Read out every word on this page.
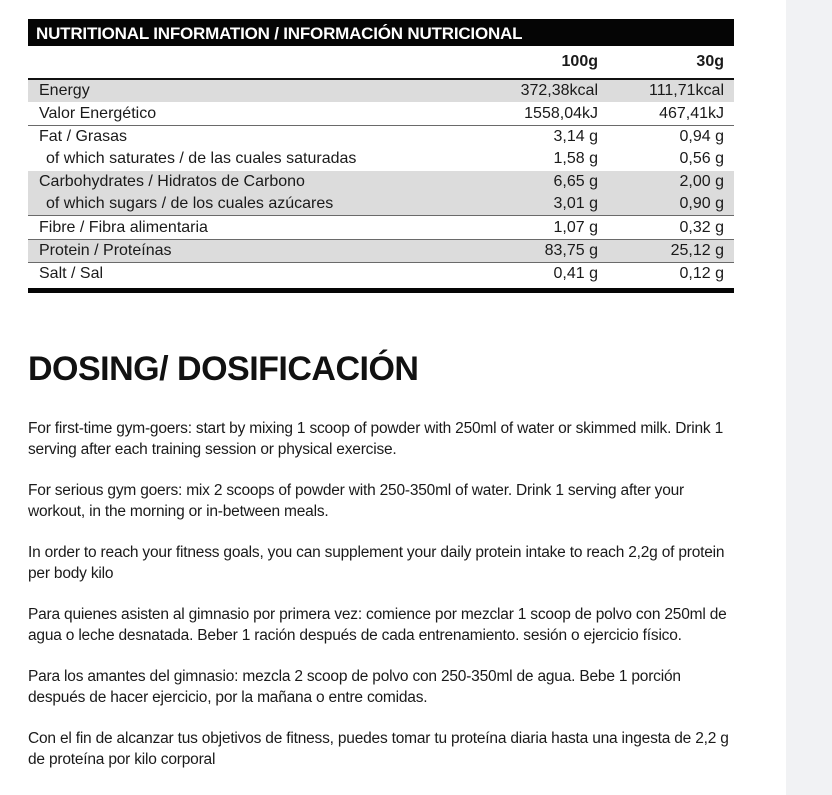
NUTRITIONAL INFORMATION / INFORMACIÓN NUTRICIONAL
100g	30g
Energy	372,38kcal	111,71kcal
Valor Energético	1558,04kJ	467,41kJ
Fat / Grasas	3,14 g	0,94 g
of which saturates / de las cuales saturadas	1,58 g	0,56 g
Carbohydrates / Hidratos de Carbono	6,65 g	2,00 g
of which sugars / de los cuales azúcares	3,01 g	0,90 g
Fibre / Fibra alimentaria	1,07 g	0,32 g
Protein / Proteínas	83,75 g	25,12 g
Salt / Sal	0,41 g	0,12 g
DOSING/ DOSIFICACIÓN

For first-time gym-goers: start by mixing 1 scoop of powder with 250ml of water or skimmed milk. Drink 1 serving after each training session or physical exercise.

For serious gym goers: mix 2 scoops of powder with 250-350ml of water. Drink 1 serving after your workout, in the morning or in-between meals.

In order to reach your fitness goals, you can supplement your daily protein intake to reach 2,2g of protein per body kilo

Para quienes asisten al gimnasio por primera vez: comience por mezclar 1 scoop de polvo con 250ml de agua o leche desnatada. Beber 1 ración después de cada entrenamiento. sesión o ejercicio físico.

Para los amantes del gimnasio: mezcla 2 scoop de polvo con 250-350ml de agua. Bebe 1 porción después de hacer ejercicio, por la mañana o entre comidas.

Con el fin de alcanzar tus objetivos de fitness, puedes tomar tu proteína diaria hasta una ingesta de 2,2 g de proteína por kilo corporal
